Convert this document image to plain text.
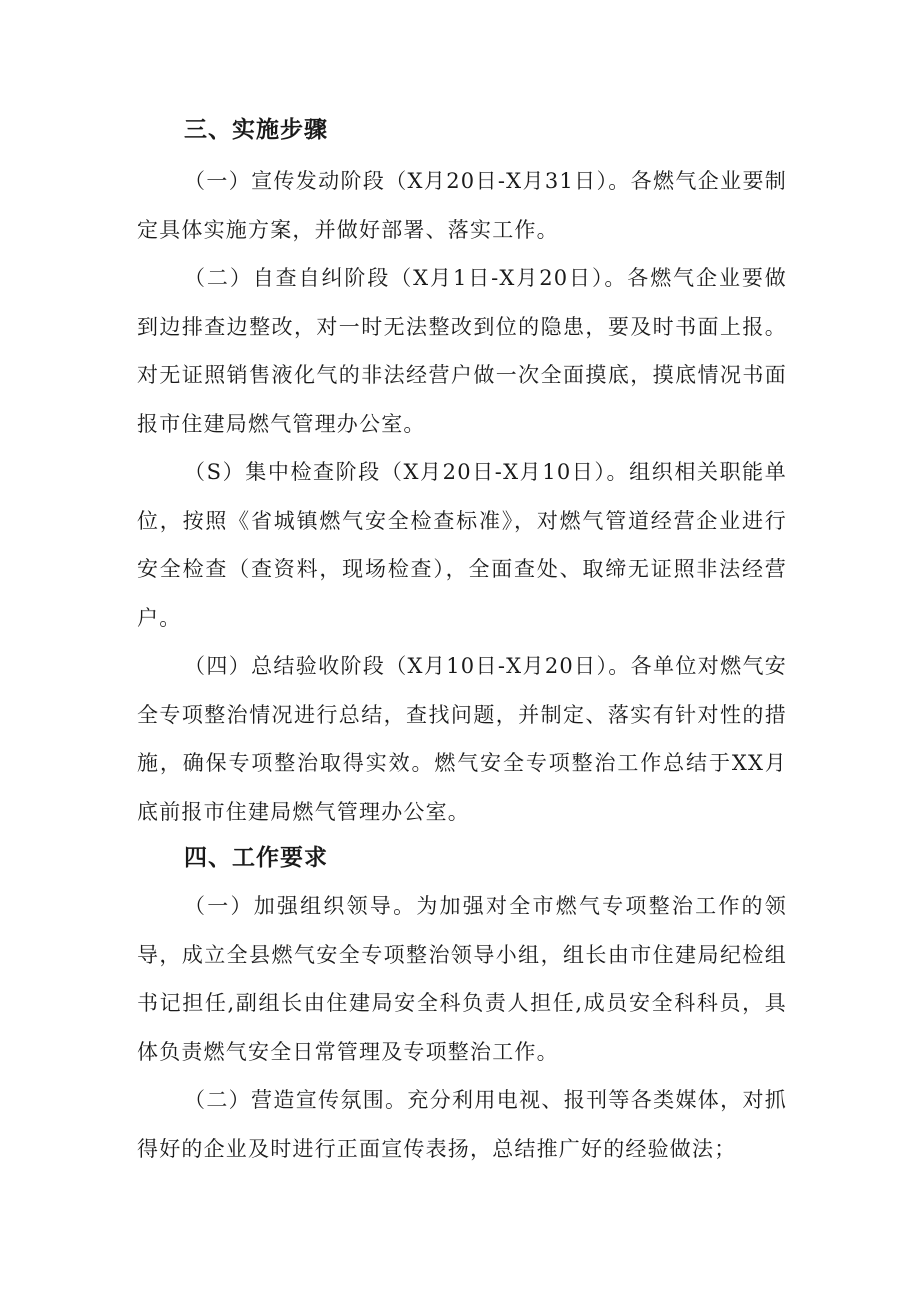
三、实施步骤

（一）宣传发动阶段（X月20日-X月31日）。各燃气企业要制定具体实施方案，并做好部署、落实工作。

（二）自查自纠阶段（X月1日-X月20日）。各燃气企业要做到边排查边整改，对一时无法整改到位的隐患，要及时书面上报。对无证照销售液化气的非法经营户做一次全面摸底，摸底情况书面报市住建局燃气管理办公室。

（S）集中检查阶段（X月20日-X月10日）。组织相关职能单位，按照《省城镇燃气安全检查标准》，对燃气管道经营企业进行安全检查（查资料，现场检查），全面查处、取缔无证照非法经营户。

（四）总结验收阶段（X月10日-X月20日）。各单位对燃气安全专项整治情况进行总结，查找问题，并制定、落实有针对性的措施，确保专项整治取得实效。燃气安全专项整治工作总结于XX月底前报市住建局燃气管理办公室。

四、工作要求

（一）加强组织领导。为加强对全市燃气专项整治工作的领导，成立全县燃气安全专项整治领导小组，组长由市住建局纪检组书记担任,副组长由住建局安全科负责人担任,成员安全科科员，具体负责燃气安全日常管理及专项整治工作。

（二）营造宣传氛围。充分利用电视、报刊等各类媒体，对抓得好的企业及时进行正面宣传表扬，总结推广好的经验做法；
